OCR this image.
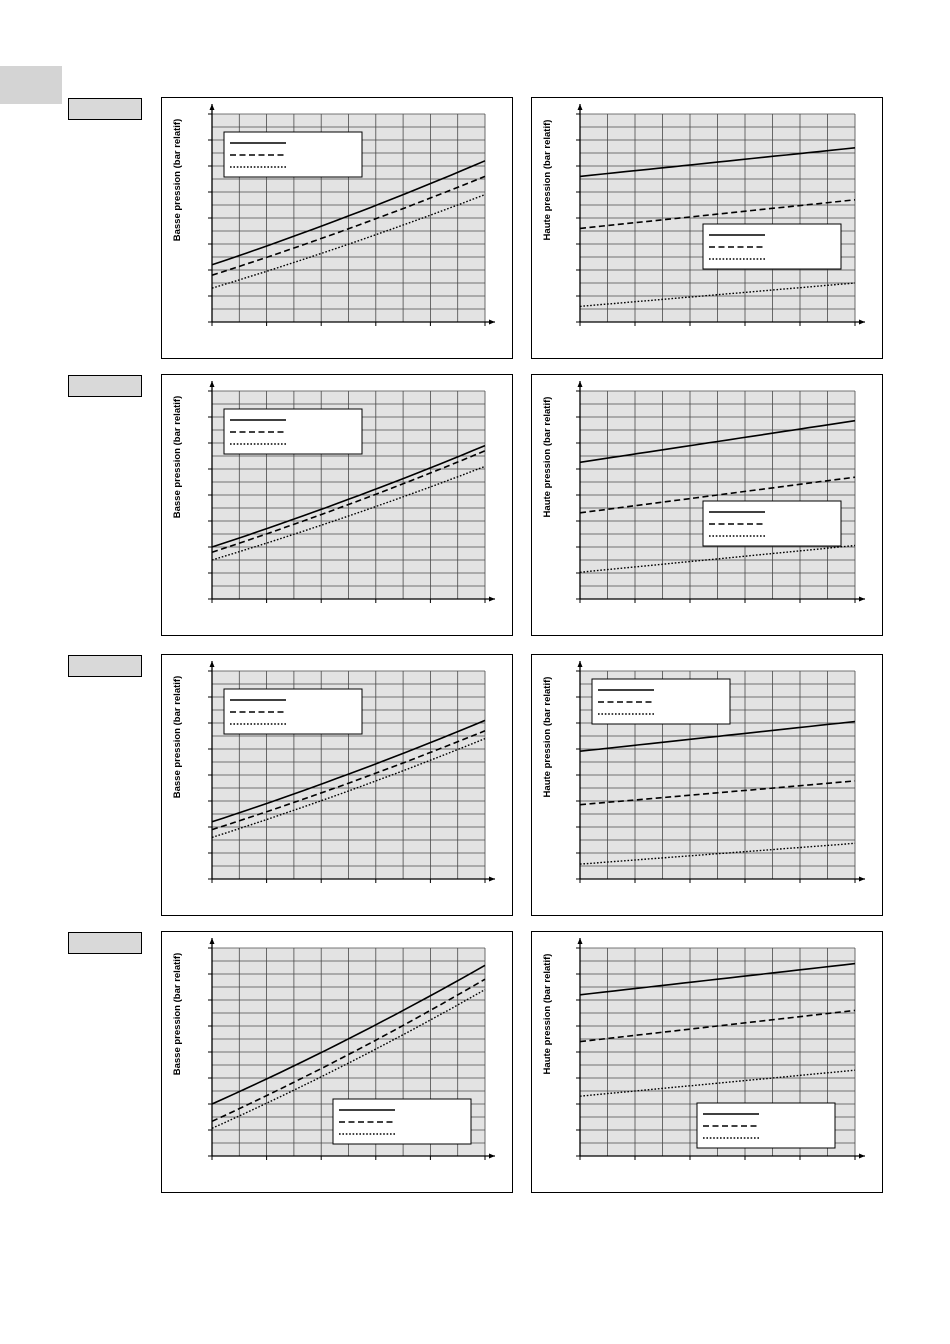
Basse pression (bar relatif)	Haute pression (bar relatif)
Basse pression (bar relatif)	Haute pression (bar relatif)
Basse pression (bar relatif)	Haute pression (bar relatif)
Basse pression (bar relatif)	Haute pression (bar relatif)
